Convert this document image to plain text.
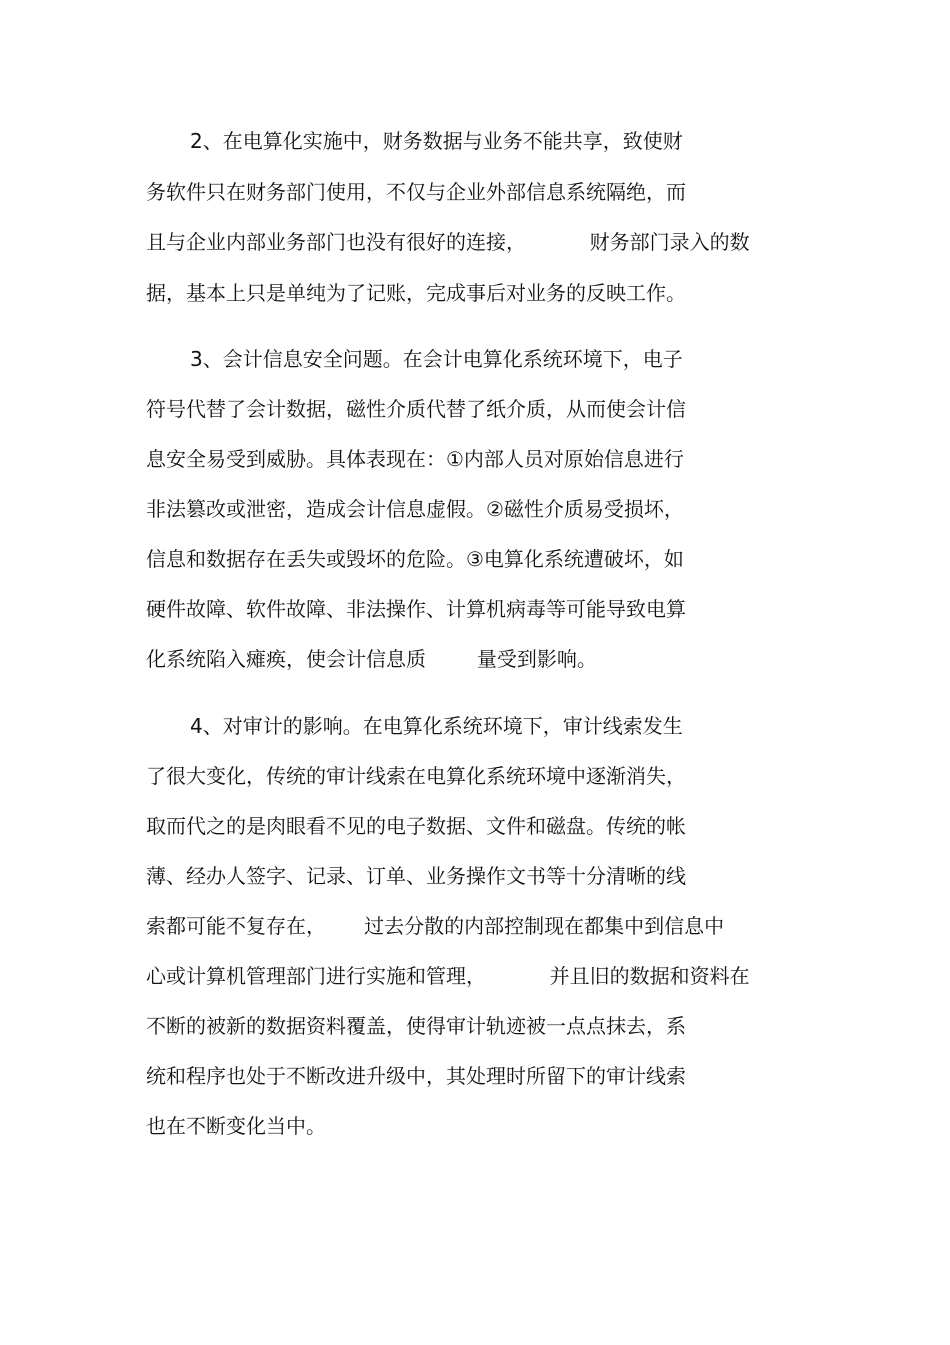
2、在电算化实施中，财务数据与业务不能共享，致使财
务软件只在财务部门使用，不仅与企业外部信息系统隔绝，而
且与企业内部业务部门也没有很好的连接，          财务部门录入的数
据，基本上只是单纯为了记账，完成事后对业务的反映工作。
3、会计信息安全问题。在会计电算化系统环境下，电子
符号代替了会计数据，磁性介质代替了纸介质，从而使会计信
息安全易受到威胁。具体表现在：①内部人员对原始信息进行
非法篡改或泄密，造成会计信息虚假。②磁性介质易受损坏，
信息和数据存在丢失或毁坏的危险。③电算化系统遭破坏，如
硬件故障、软件故障、非法操作、计算机病毒等可能导致电算
化系统陷入瘫痪，使会计信息质        量受到影响。
4、对审计的影响。在电算化系统环境下，审计线索发生
了很大变化，传统的审计线索在电算化系统环境中逐渐消失，
取而代之的是肉眼看不见的电子数据、文件和磁盘。传统的帐
薄、经办人签字、记录、订单、业务操作文书等十分清晰的线
索都可能不复存在，      过去分散的内部控制现在都集中到信息中
心或计算机管理部门进行实施和管理，          并且旧的数据和资料在
不断的被新的数据资料覆盖，使得审计轨迹被一点点抹去，系
统和程序也处于不断改进升级中，其处理时所留下的审计线索
也在不断变化当中。
